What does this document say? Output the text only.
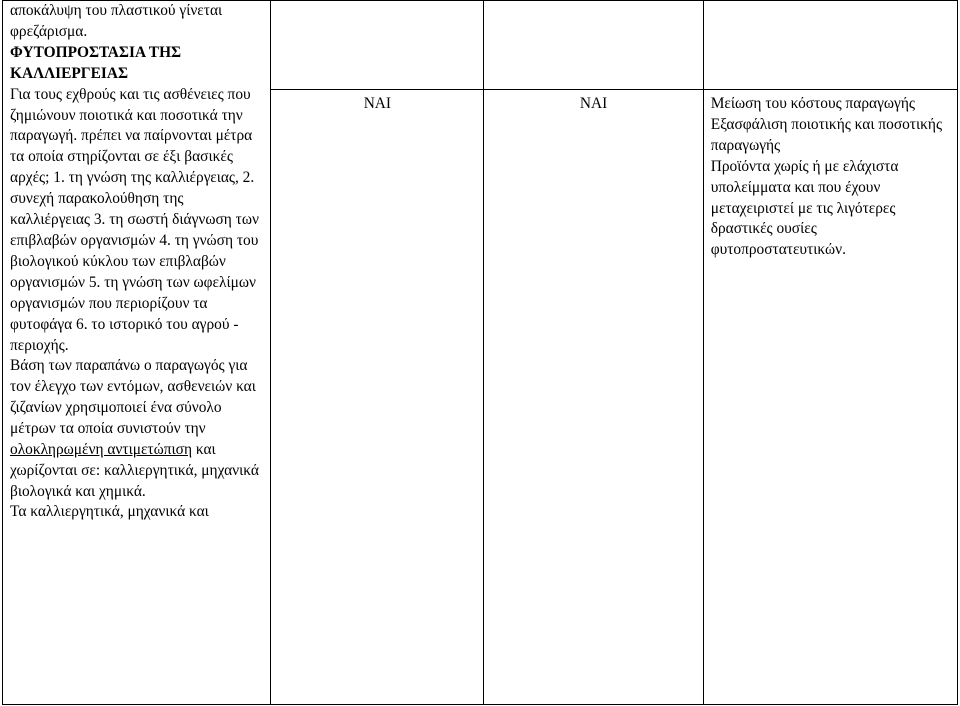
αποκάλυψη του πλαστικού γίνεται φρεζάρισμα.
ΦΥΤΟΠΡΟΣΤΑΣΙΑ ΤΗΣ ΚΑΛΛΙΕΡΓΕΙΑΣ
Για τους εχθρούς και τις ασθένειες που ζημιώνουν ποιοτικά και ποσοτικά την παραγωγή. πρέπει να παίρνονται μέτρα τα οποία στηρίζονται σε έξι βασικές αρχές; 1. τη γνώση της καλλιέργειας, 2. συνεχή παρακολούθηση της καλλιέργειας 3. τη σωστή διάγνωση των επιβλαβών οργανισμών 4. τη γνώση του βιολογικού κύκλου των επιβλαβών οργανισμών 5. τη γνώση των ωφελίμων οργανισμών που περιορίζουν τα φυτοφάγα 6. το ιστορικό του αγρού - περιοχής.
Βάση των παραπάνω ο παραγωγός για τον έλεγχο των εντόμων, ασθενειών και ζιζανίων χρησιμοποιεί ένα σύνολο μέτρων τα οποία συνιστούν την ολοκληρωμένη αντιμετώπιση και χωρίζονται σε: καλλιεργητικά, μηχανικά βιολογικά και χημικά.
Τα καλλιεργητικά, μηχανικά και			

	ΝΑΙ	ΝΑΙ	Μείωση του κόστους παραγωγής
Εξασφάλιση ποιοτικής και ποσοτικής παραγωγής
Προϊόντα χωρίς ή με ελάχιστα υπολείμματα και που έχουν μεταχειριστεί με τις λιγότερες δραστικές ουσίες φυτοπροστατευτικών.
